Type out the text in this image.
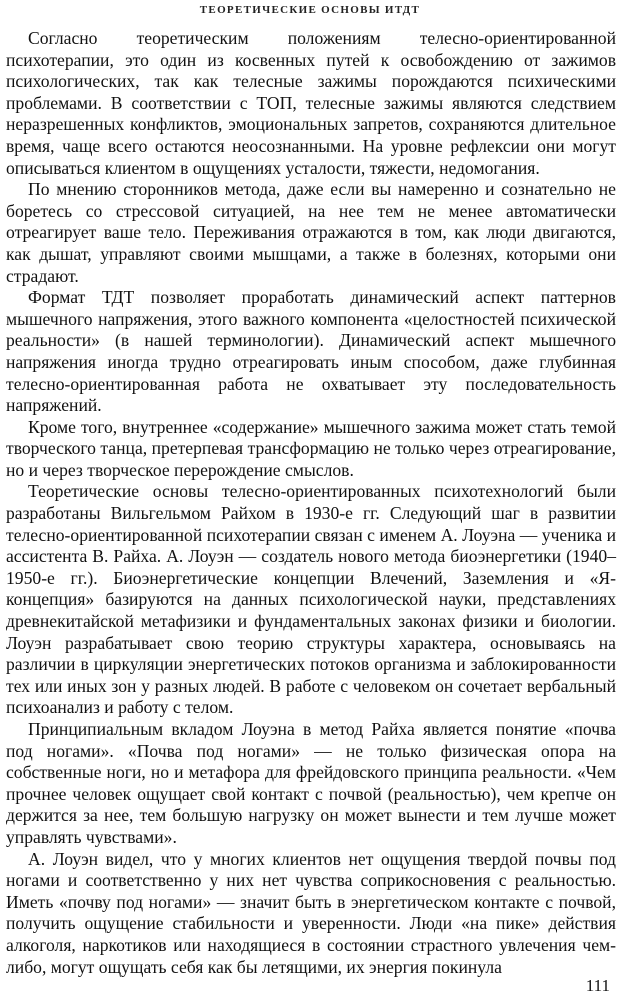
ТЕОРЕТИЧЕСКИЕ ОСНОВЫ ИТДТ

Согласно теоретическим положениям телесно-ориентированной психотерапии, это один из косвенных путей к освобождению от зажимов психологических, так как телесные зажимы порождаются психическими проблемами. В соответствии с ТОП, телесные зажимы являются следствием неразрешенных конфликтов, эмоциональных запретов, сохраняются длительное время, чаще всего остаются неосознанными. На уровне рефлексии они могут описываться клиентом в ощущениях усталости, тяжести, недомогания.

По мнению сторонников метода, даже если вы намеренно и сознательно не боретесь со стрессовой ситуацией, на нее тем не менее автоматически отреагирует ваше тело. Переживания отражаются в том, как люди двигаются, как дышат, управляют своими мышцами, а также в болезнях, которыми они страдают.

Формат ТДТ позволяет проработать динамический аспект паттернов мышечного напряжения, этого важного компонента «целостностей психической реальности» (в нашей терминологии). Динамический аспект мышечного напряжения иногда трудно отреагировать иным способом, даже глубинная телесно-ориентированная работа не охватывает эту последовательность напряжений.

Кроме того, внутреннее «содержание» мышечного зажима может стать темой творческого танца, претерпевая трансформацию не только через отреагирование, но и через творческое перерождение смыслов.

Теоретические основы телесно-ориентированных психотехнологий были разработаны Вильгельмом Райхом в 1930-е гг. Следующий шаг в развитии телесно-ориентированной психотерапии связан с именем А. Лоуэна — ученика и ассистента В. Райха. А. Лоуэн — создатель нового метода биоэнергетики (1940–1950-е гг.). Биоэнергетические концепции Влечений, Заземления и «Я-концепция» базируются на данных психологической науки, представлениях древнекитайской метафизики и фундаментальных законах физики и биологии. Лоуэн разрабатывает свою теорию структуры характера, основываясь на различии в циркуляции энергетических потоков организма и заблокированности тех или иных зон у разных людей. В работе с человеком он сочетает вербальный психоанализ и работу с телом.

Принципиальным вкладом Лоуэна в метод Райха является понятие «почва под ногами». «Почва под ногами» — не только физическая опора на собственные ноги, но и метафора для фрейдовского принципа реальности. «Чем прочнее человек ощущает свой контакт с почвой (реальностью), чем крепче он держится за нее, тем большую нагрузку он может вынести и тем лучше может управлять чувствами».

А. Лоуэн видел, что у многих клиентов нет ощущения твердой почвы под ногами и соответственно у них нет чувства соприкосновения с реальностью. Иметь «почву под ногами» — значит быть в энергетическом контакте с почвой, получить ощущение стабильности и уверенности. Люди «на пике» действия алкоголя, наркотиков или находящиеся в состоянии страстного увлечения чем-либо, могут ощущать себя как бы летящими, их энергия покинула

111
